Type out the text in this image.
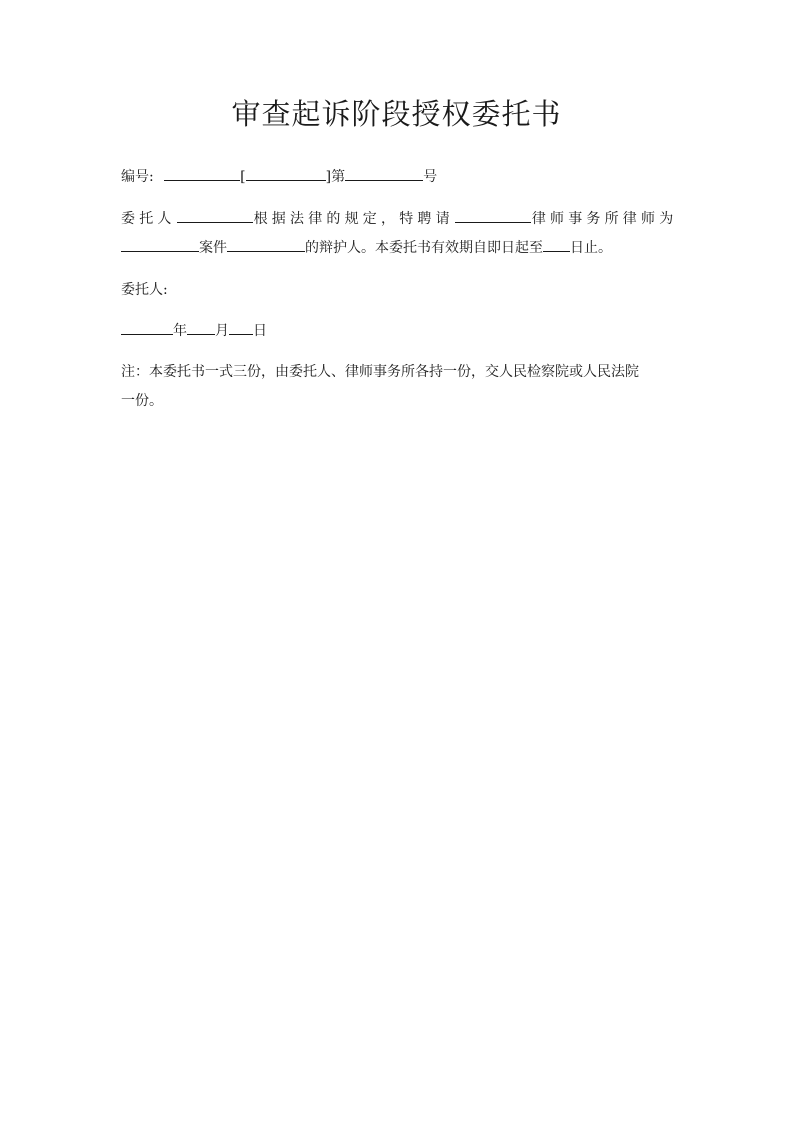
审查起诉阶段授权委托书
编号:	[	]第	号
委托人	根据法律的规定，特聘请	律师事务所律师为
案件	的辩护人。本委托书有效期自即日起至 日止。
委托人:
年 月 日
注：本委托书一式三份，由委托人、律师事务所各持一份，交人民检察院或人民法院
一份。
